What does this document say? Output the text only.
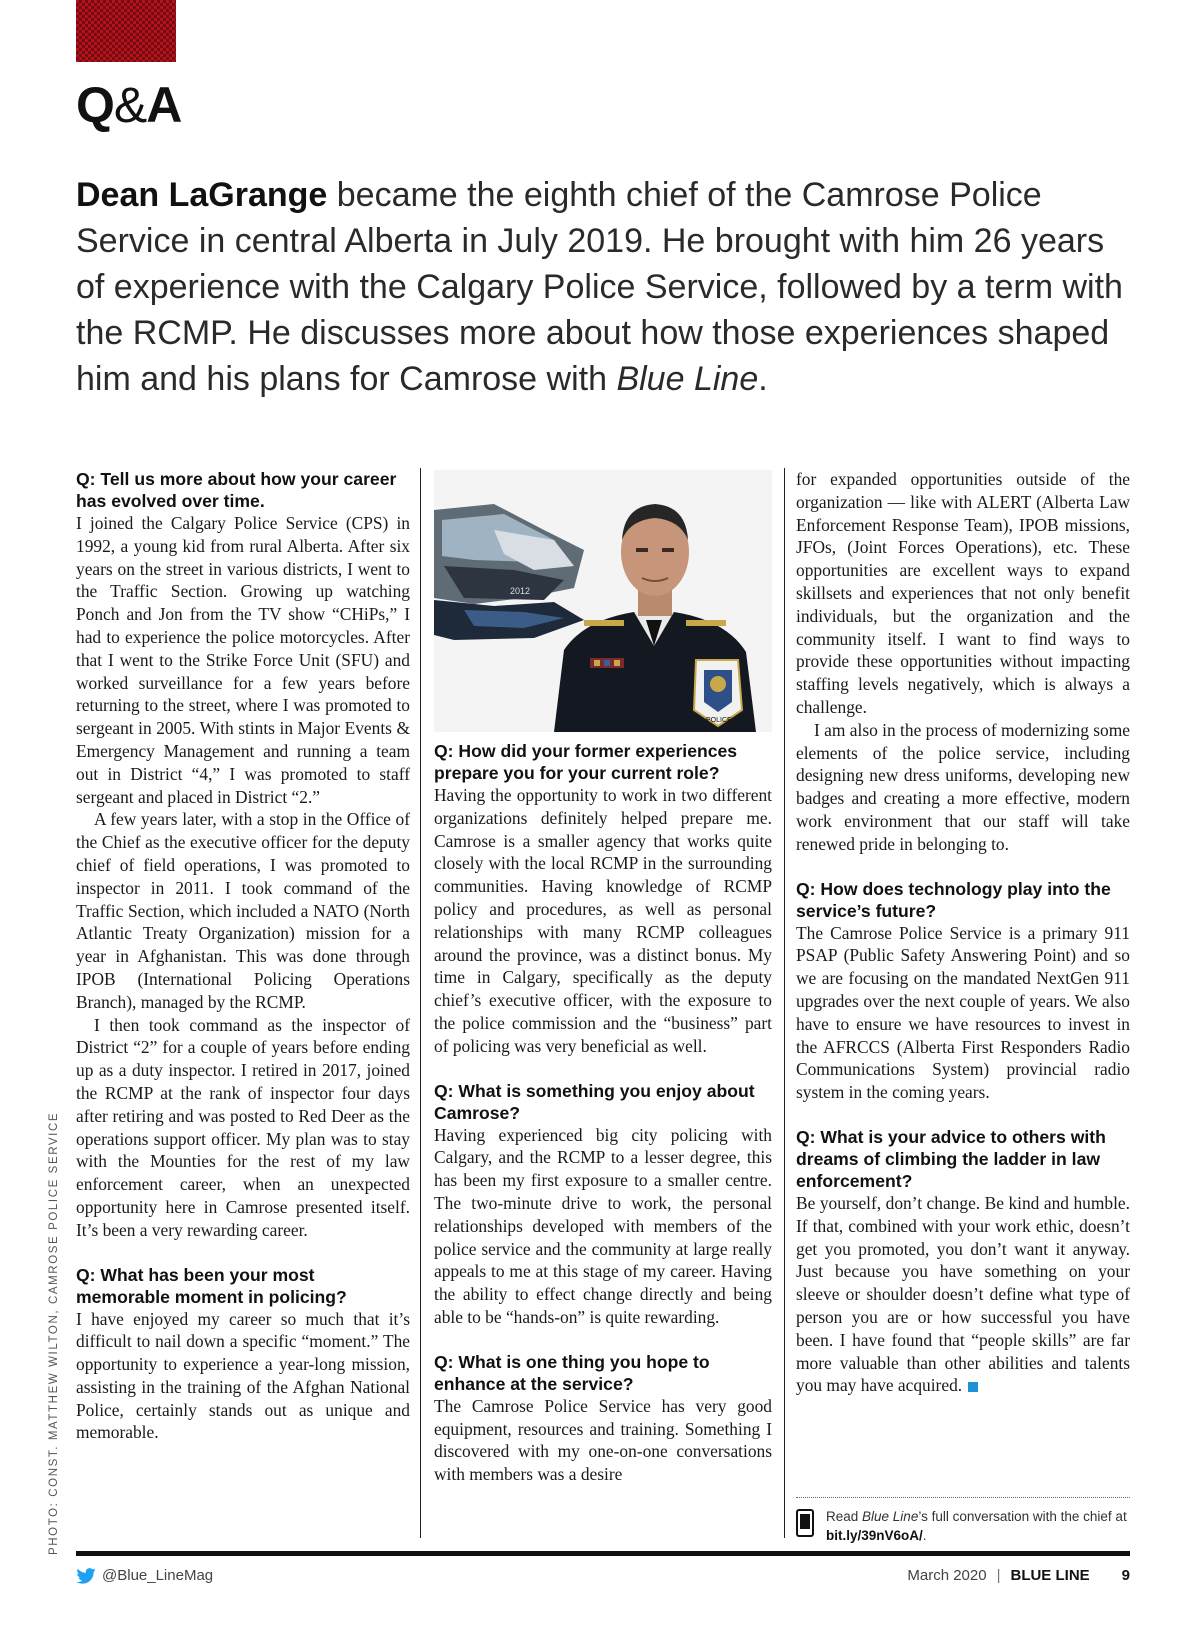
Q&A

Dean LaGrange became the eighth chief of the Camrose Police Service in central Alberta in July 2019. He brought with him 26 years of experience with the Calgary Police Service, followed by a term with the RCMP. He discusses more about how those experiences shaped him and his plans for Camrose with Blue Line.

PHOTO: CONST. MATTHEW WILTON, CAMROSE POLICE SERVICE

Q: Tell us more about how your career has evolved over time.

I joined the Calgary Police Service (CPS) in 1992, a young kid from rural Alberta. After six years on the street in various districts, I went to the Traffic Section. Growing up watching Ponch and Jon from the TV show “CHiPs,” I had to experience the police motorcycles. After that I went to the Strike Force Unit (SFU) and worked surveillance for a few years before returning to the street, where I was promoted to sergeant in 2005. With stints in Major Events & Emergency Management and running a team out in District “4,” I was promoted to staff sergeant and placed in District “2.”

A few years later, with a stop in the Office of the Chief as the executive officer for the deputy chief of field operations, I was promoted to inspector in 2011. I took command of the Traffic Section, which included a NATO (North Atlantic Treaty Organization) mission for a year in Afghanistan. This was done through IPOB (International Policing Operations Branch), managed by the RCMP.

I then took command as the inspector of District “2” for a couple of years before ending up as a duty inspector. I retired in 2017, joined the RCMP at the rank of inspector four days after retiring and was posted to Red Deer as the operations support officer. My plan was to stay with the Mounties for the rest of my law enforcement career, when an unexpected opportunity here in Camrose presented itself. It’s been a very rewarding career.

Q: What has been your most memorable moment in policing?

I have enjoyed my career so much that it’s difficult to nail down a specific “moment.” The opportunity to experience a year-long mission, assisting in the training of the Afghan National Police, certainly stands out as unique and memorable.

2012
POLICE

Q: How did your former experiences prepare you for your current role?

Having the opportunity to work in two different organizations definitely helped prepare me. Camrose is a smaller agency that works quite closely with the local RCMP in the surrounding communities. Having knowledge of RCMP policy and procedures, as well as personal relationships with many RCMP colleagues around the province, was a distinct bonus. My time in Calgary, specifically as the deputy chief’s executive officer, with the exposure to the police commission and the “business” part of policing was very beneficial as well.

Q: What is something you enjoy about Camrose?

Having experienced big city policing with Calgary, and the RCMP to a lesser degree, this has been my first exposure to a smaller centre. The two-minute drive to work, the personal relationships developed with members of the police service and the community at large really appeals to me at this stage of my career. Having the ability to effect change directly and being able to be “hands-on” is quite rewarding.

Q: What is one thing you hope to enhance at the service?

The Camrose Police Service has very good equipment, resources and training. Something I discovered with my one-on-one conversations with members was a desire

for expanded opportunities outside of the organization — like with ALERT (Alberta Law Enforcement Response Team), IPOB missions, JFOs, (Joint Forces Operations), etc. These opportunities are excellent ways to expand skillsets and experiences that not only benefit individuals, but the organization and the community itself. I want to find ways to provide these opportunities without impacting staffing levels negatively, which is always a challenge.

I am also in the process of modernizing some elements of the police service, including designing new dress uniforms, developing new badges and creating a more effective, modern work environment that our staff will take renewed pride in belonging to.

Q: How does technology play into the service’s future?

The Camrose Police Service is a primary 911 PSAP (Public Safety Answering Point) and so we are focusing on the mandated NextGen 911 upgrades over the next couple of years. We also have to ensure we have resources to invest in the AFRCCS (Alberta First Responders Radio Communications System) provincial radio system in the coming years.

Q: What is your advice to others with dreams of climbing the ladder in law enforcement?

Be yourself, don’t change. Be kind and humble. If that, combined with your work ethic, doesn’t get you promoted, you don’t want it anyway. Just because you have something on your sleeve or shoulder doesn’t define what type of person you are or how successful you have been. I have found that “people skills” are far more valuable than other abilities and talents you may have acquired.

Read Blue Line’s full conversation with the chief at
bit.ly/39nV6oA/.
@Blue_LineMag	March 2020 | BLUE LINE 9
